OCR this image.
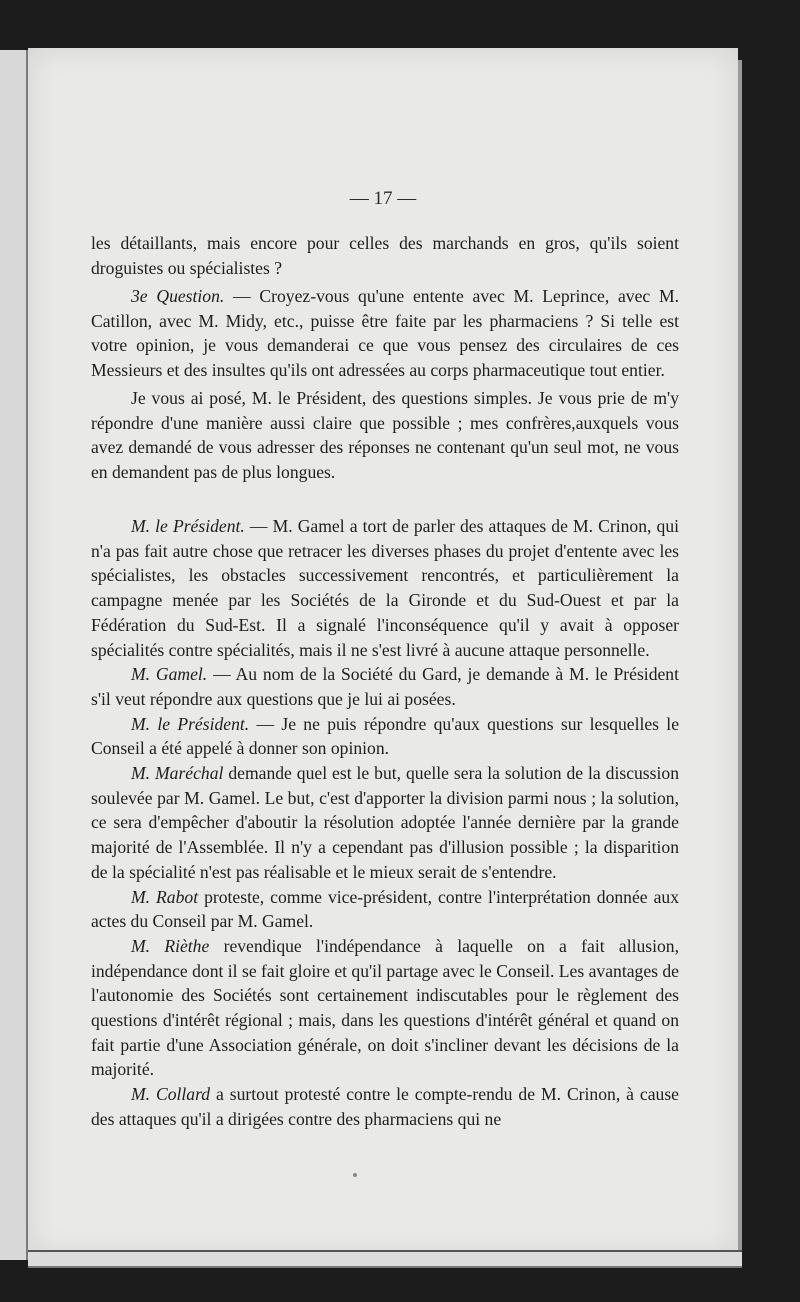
— 17 —

les détaillants, mais encore pour celles des marchands en gros, qu'ils soient droguistes ou spécialistes ?

3e Question. — Croyez-vous qu'une entente avec M. Leprince, avec M. Catillon, avec M. Midy, etc., puisse être faite par les pharmaciens ? Si telle est votre opinion, je vous demanderai ce que vous pensez des circulaires de ces Messieurs et des insultes qu'ils ont adressées au corps pharmaceutique tout entier.

Je vous ai posé, M. le Président, des questions simples. Je vous prie de m'y répondre d'une manière aussi claire que possible ; mes confrères,auxquels vous avez demandé de vous adresser des réponses ne contenant qu'un seul mot, ne vous en demandent pas de plus longues.

M. le Président. — M. Gamel a tort de parler des attaques de M. Crinon, qui n'a pas fait autre chose que retracer les diverses phases du projet d'entente avec les spécialistes, les obstacles successivement rencontrés, et particulièrement la campagne menée par les Sociétés de la Gironde et du Sud-Ouest et par la Fédération du Sud-Est. Il a signalé l'inconséquence qu'il y avait à opposer spécialités contre spécialités, mais il ne s'est livré à aucune attaque personnelle.

M. Gamel. — Au nom de la Société du Gard, je demande à M. le Président s'il veut répondre aux questions que je lui ai posées.

M. le Président. — Je ne puis répondre qu'aux questions sur lesquelles le Conseil a été appelé à donner son opinion.

M. Maréchal demande quel est le but, quelle sera la solution de la discussion soulevée par M. Gamel. Le but, c'est d'apporter la division parmi nous ; la solution, ce sera d'empêcher d'aboutir la résolution adoptée l'année dernière par la grande majorité de l'Assemblée. Il n'y a cependant pas d'illusion possible ; la disparition de la spécialité n'est pas réalisable et le mieux serait de s'entendre.

M. Rabot proteste, comme vice-président, contre l'interprétation donnée aux actes du Conseil par M. Gamel.

M. Rièthe revendique l'indépendance à laquelle on a fait allusion, indépendance dont il se fait gloire et qu'il partage avec le Conseil. Les avantages de l'autonomie des Sociétés sont certainement indiscutables pour le règlement des questions d'intérêt régional ; mais, dans les questions d'intérêt général et quand on fait partie d'une Association générale, on doit s'incliner devant les décisions de la majorité.

M. Collard a surtout protesté contre le compte-rendu de M. Crinon, à cause des attaques qu'il a dirigées contre des pharmaciens qui ne
